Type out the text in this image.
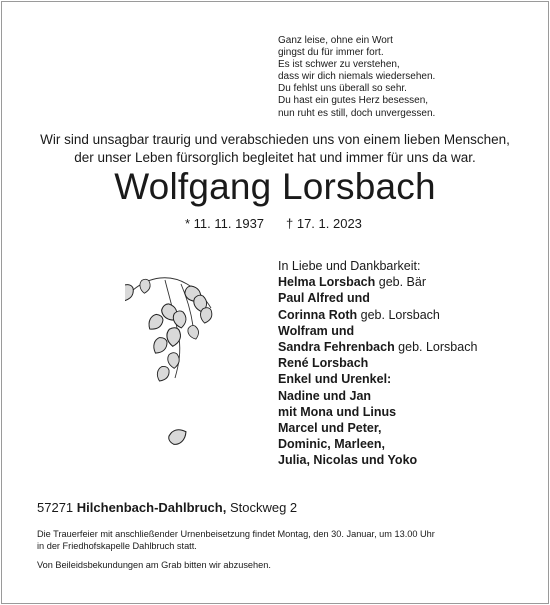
Ganz leise, ohne ein Wort
gingst du für immer fort.
Es ist schwer zu verstehen,
dass wir dich niemals wiedersehen.
Du fehlst uns überall so sehr.
Du hast ein gutes Herz besessen,
nun ruht es still, doch unvergessen.
Wir sind unsagbar traurig und verabschieden uns von einem lieben Menschen,
der unser Leben fürsorglich begleitet hat und immer für uns da war.
Wolfgang Lorsbach
* 11. 11. 1937 † 17. 1. 2023
In Liebe und Dankbarkeit:
Helma Lorsbach geb. Bär
Paul Alfred und
Corinna Roth geb. Lorsbach
Wolfram und
Sandra Fehrenbach geb. Lorsbach
René Lorsbach
Enkel und Urenkel:
Nadine und Jan
mit Mona und Linus
Marcel und Peter,
Dominic, Marleen,
Julia, Nicolas und Yoko
57271 Hilchenbach-Dahlbruch, Stockweg 2
Die Trauerfeier mit anschließender Urnenbeisetzung findet Montag, den 30. Januar, um 13.00 Uhr
in der Friedhofskapelle Dahlbruch statt.
Von Beileidsbekundungen am Grab bitten wir abzusehen.
